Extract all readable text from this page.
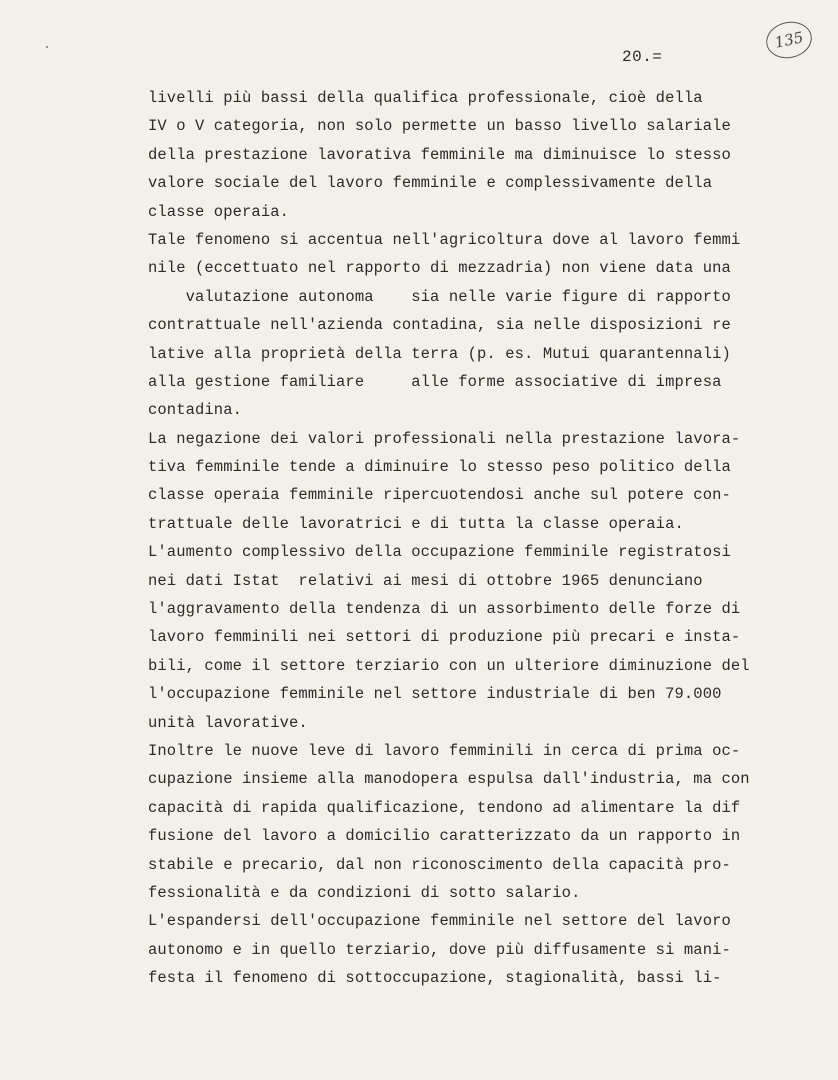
135
20.=
livelli più bassi della qualifica professionale, cioè della
IV o V categoria, non solo permette un basso livello salariale
della prestazione lavorativa femminile ma diminuisce lo stesso
valore sociale del lavoro femminile e complessivamente della
classe operaia.
Tale fenomeno si accentua nell'agricoltura dove al lavoro femmi
nile (eccettuato nel rapporto di mezzadria) non viene data una
valutazione autonoma    sia nelle varie figure di rapporto
contrattuale nell'azienda contadina, sia nelle disposizioni re
lative alla proprietà della terra (p. es. Mutui quarantennali)
alla gestione familiare     alle forme associative di impresa
contadina.
La negazione dei valori professionali nella prestazione lavora-
tiva femminile tende a diminuire lo stesso peso politico della
classe operaia femminile ripercuotendosi anche sul potere con-
trattuale delle lavoratrici e di tutta la classe operaia.
L'aumento complessivo della occupazione femminile registratosi
nei dati Istat  relativi ai mesi di ottobre 1965 denunciano
l'aggravamento della tendenza di un assorbimento delle forze di
lavoro femminili nei settori di produzione più precari e insta-
bili, come il settore terziario con un ulteriore diminuzione del
l'occupazione femminile nel settore industriale di ben 79.000
unità lavorative.
Inoltre le nuove leve di lavoro femminili in cerca di prima oc-
cupazione insieme alla manodopera espulsa dall'industria, ma con
capacità di rapida qualificazione, tendono ad alimentare la dif
fusione del lavoro a domicilio caratterizzato da un rapporto in
stabile e precario, dal non riconoscimento della capacità pro-
fessionalità e da condizioni di sotto salario.
L'espandersi dell'occupazione femminile nel settore del lavoro
autonomo e in quello terziario, dove più diffusamente si mani-
festa il fenomeno di sottoccupazione, stagionalità, bassi li-
